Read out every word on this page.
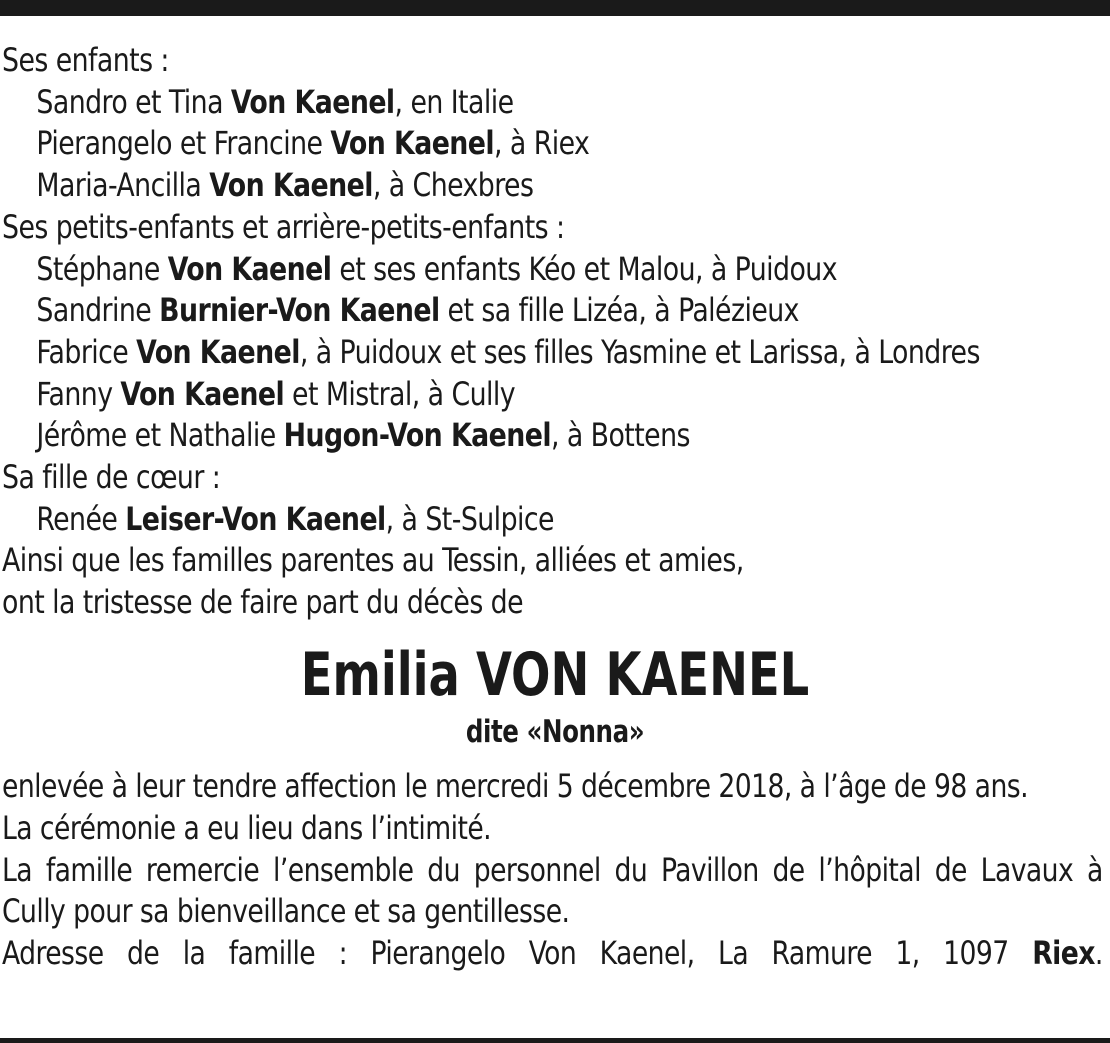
Ses enfants :
Sandro et Tina Von Kaenel, en Italie
Pierangelo et Francine Von Kaenel, à Riex
Maria-Ancilla Von Kaenel, à Chexbres
Ses petits-enfants et arrière-petits-enfants :
Stéphane Von Kaenel et ses enfants Kéo et Malou, à Puidoux
Sandrine Burnier-Von Kaenel et sa fille Lizéa, à Palézieux
Fabrice Von Kaenel, à Puidoux et ses filles Yasmine et Larissa, à Londres
Fanny Von Kaenel et Mistral, à Cully
Jérôme et Nathalie Hugon-Von Kaenel, à Bottens
Sa fille de cœur :
Renée Leiser-Von Kaenel, à St-Sulpice
Ainsi que les familles parentes au Tessin, alliées et amies,
ont la tristesse de faire part du décès de
Emilia VON KAENEL
dite «Nonna»
enlevée à leur tendre affection le mercredi 5 décembre 2018, à l’âge de 98 ans.
La cérémonie a eu lieu dans l’intimité.
La famille remercie l’ensemble du personnel du Pavillon de l’hôpital de Lavaux à Cully pour sa bienveillance et sa gentillesse.
Adresse de la famille : Pierangelo Von Kaenel, La Ramure 1, 1097 Riex.
